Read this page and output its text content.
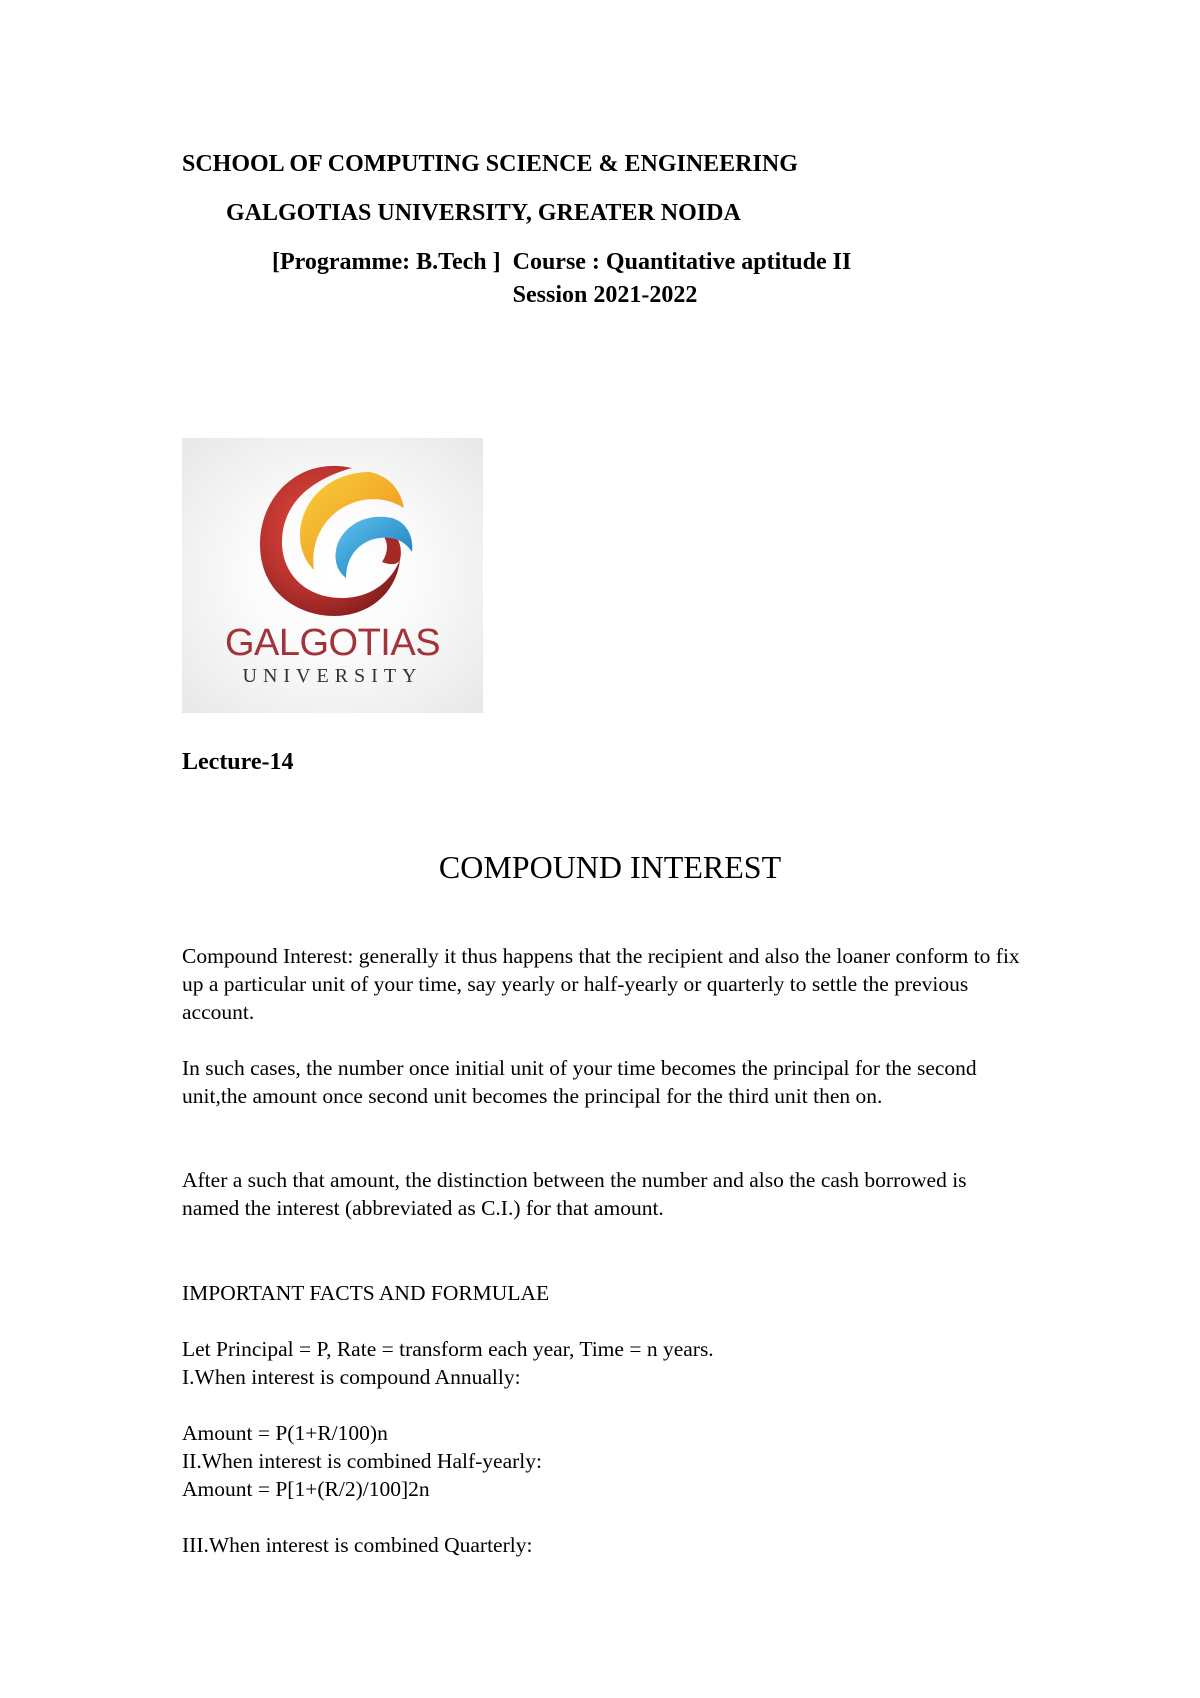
SCHOOL OF COMPUTING SCIENCE & ENGINEERING
GALGOTIAS UNIVERSITY, GREATER NOIDA
[Programme: B.Tech ] Course : Quantitative aptitude II
Session 2021-2022
GALGOTIAS
UNIVERSITY
Lecture-14
COMPOUND INTEREST

Compound Interest: generally it thus happens that the recipient and also the loaner conform to fix up a particular unit of your time, say yearly or half-yearly or quarterly to settle the previous account.

In such cases, the number once initial unit of your time becomes the principal for the second unit,the amount once second unit becomes the principal for the third unit then on.

After a such that amount, the distinction between the number and also the cash borrowed is named the interest (abbreviated as C.I.) for that amount.

IMPORTANT FACTS AND FORMULAE
Let Principal = P, Rate = transform each year, Time = n years.
I.When interest is compound Annually:
Amount = P(1+R/100)n
II.When interest is combined Half-yearly:
Amount = P[1+(R/2)/100]2n
III.When interest is combined Quarterly:
